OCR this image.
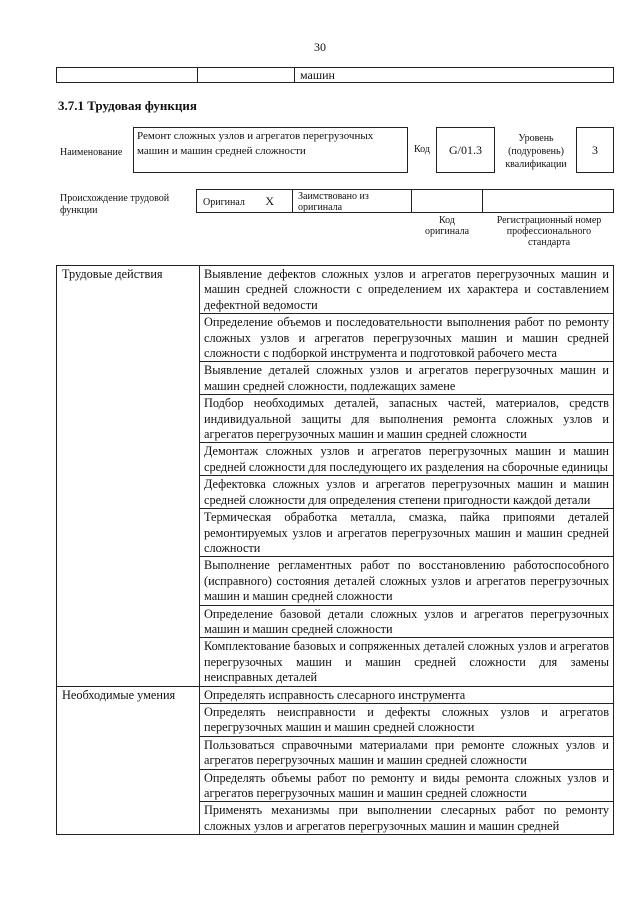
30
машин
3.7.1 Трудовая функция
Наименование
Ремонт сложных узлов и агрегатов перегрузочных машин и машин средней сложности	Код	G/01.3
Уровень (подуровень) квалификации
3
Происхождение трудовой функции
Оригинал X	Заимствовано из оригинала
Код оригинала
Регистрационный номер профессионального стандарта
Трудовые действия	Выявление дефектов сложных узлов и агрегатов перегрузочных машин и машин средней сложности с определением их характера и составлением дефектной ведомости
	Определение объемов и последовательности выполнения работ по ремонту сложных узлов и агрегатов перегрузочных машин и машин средней сложности с подборкой инструмента и подготовкой рабочего места
	Выявление деталей сложных узлов и агрегатов перегрузочных машин и машин средней сложности, подлежащих замене
	Подбор необходимых деталей, запасных частей, материалов, средств индивидуальной защиты для выполнения ремонта сложных узлов и агрегатов перегрузочных машин и машин средней сложности
	Демонтаж сложных узлов и агрегатов перегрузочных машин и машин средней сложности для последующего их разделения на сборочные единицы
	Дефектовка сложных узлов и агрегатов перегрузочных машин и машин средней сложности для определения степени пригодности каждой детали
	Термическая обработка металла, смазка, пайка припоями деталей ремонтируемых узлов и агрегатов перегрузочных машин и машин средней сложности
	Выполнение регламентных работ по восстановлению работоспособного (исправного) состояния деталей сложных узлов и агрегатов перегрузочных машин и машин средней сложности
	Определение базовой детали сложных узлов и агрегатов перегрузочных машин и машин средней сложности
	Комплектование базовых и сопряженных деталей сложных узлов и агрегатов перегрузочных машин и машин средней сложности для замены неисправных деталей
Необходимые умения	Определять исправность слесарного инструмента
	Определять неисправности и дефекты сложных узлов и агрегатов перегрузочных машин и машин средней сложности
	Пользоваться справочными материалами при ремонте сложных узлов и агрегатов перегрузочных машин и машин средней сложности
	Определять объемы работ по ремонту и виды ремонта сложных узлов и агрегатов перегрузочных машин и машин средней сложности
	Применять механизмы при выполнении слесарных работ по ремонту сложных узлов и агрегатов перегрузочных машин и машин средней
